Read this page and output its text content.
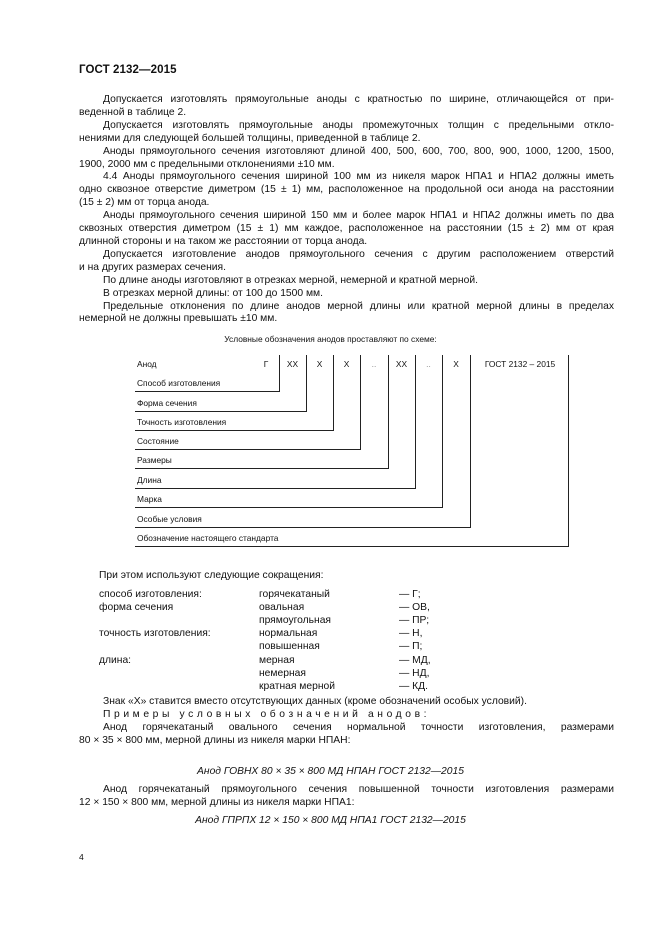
ГОСТ 2132—2015

Допускается изготовлять прямоугольные аноды с кратностью по ширине, отличающейся от при-

веденной в таблице 2.

Допускается изготовлять прямоугольные аноды промежуточных толщин с предельными откло-

нениями для следующей большей толщины, приведенной в таблице 2.

Аноды прямоугольного сечения изготовляют длиной 400, 500, 600, 700, 800, 900, 1000, 1200, 1500,

1900, 2000 мм с предельными отклонениями ±10 мм.

4.4 Аноды прямоугольного сечения шириной 100 мм из никеля марок НПА1 и НПА2 должны иметь

одно сквозное отверстие диметром (15 ± 1) мм, расположенное на продольной оси анода на расстоянии

(15 ± 2) мм от торца анода.

Аноды прямоугольного сечения шириной 150 мм и более марок НПА1 и НПА2 должны иметь по два

сквозных отверстия диметром (15 ± 1) мм каждое, расположенное на расстоянии (15 ± 2) мм от края

длинной стороны и на таком же расстоянии от торца анода.

Допускается изготовление анодов прямоугольного сечения с другим расположением отверстий

и на других размерах сечения.

По длине аноды изготовляют в отрезках мерной, немерной и кратной мерной.

В отрезках мерной длины: от 100 до 1500 мм.

Предельные отклонения по длине анодов мерной длины или кратной мерной длины в пределах

немерной не должны превышать ±10 мм.

Условные обозначения анодов проставляют по схеме:
Анод	Г	ХХ	Х	Х	..	ХХ	..	Х	ГОСТ 2132 – 2015
Способ изготовления
Форма сечения
Точность изготовления
Состояние
Размеры
Длина
Марка
Особые условия
Обозначение настоящего стандарта
При этом используют следующие сокращения:
способ изготовления:	горячекатаный	— Г;
форма сечения	овальная	— ОВ,
прямоугольная	— ПР;
точность изготовления:	нормальная	— Н,
повышенная	— П;
длина:	мерная	— МД,
немерная	— НД,
кратная мерной	— КД.

Знак «Х» ставится вместо отсутствующих данных (кроме обозначений особых условий).

Примеры условных обозначений анодов:

Анод горячекатаный овального сечения нормальной точности изготовления, размерами

80 × 35 × 800 мм, мерной длины из никеля марки НПАН:

Анод ГОВНХ 80 × 35 × 800 МД НПАН ГОСТ 2132—2015

Анод горячекатаный прямоугольного сечения повышенной точности изготовления размерами

12 × 150 × 800 мм, мерной длины из никеля марки НПА1:

Анод ГПРПХ 12 × 150 × 800 МД НПА1 ГОСТ 2132—2015
4
